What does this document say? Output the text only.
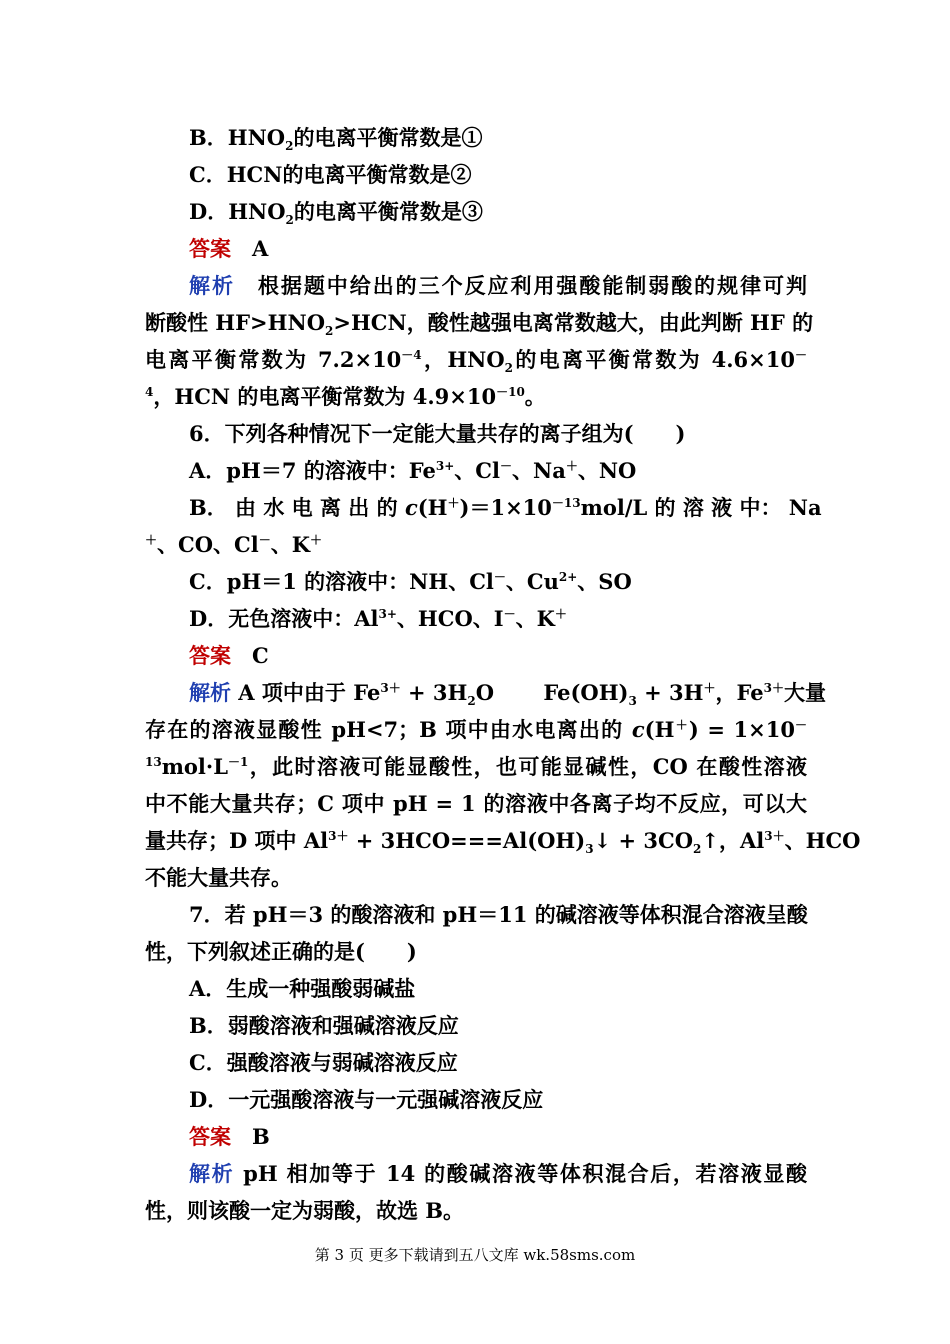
B．$HNO_2$的电离平衡常数是①
C．HCN的电离平衡常数是②
D．$HNO_2$的电离平衡常数是③
答案　 A
解析　 根据题中给出的三个反应利用强酸能制弱酸的规律可判
断酸性 $HF>HNO_2>HCN$，酸性越强电离常数越大，由此判断 HF 的
电离平衡常数为 $7.2\times 10^{-4}$，$HNO_2$的电离平衡常数为 4.6×10－
$^4$，HCN 的电离平衡常数为 $4.9\times 10^{-10}$。
6．下列各种情况下一定能大量共存的离子组为(　　)
A．pH＝7 的溶液中：$Fe^{3+}$、Cl－、Na＋、NO
B． 由 水 电 离 出 的 $c(H^+)=1\times 10^{-13}mol/L$ 的 溶 液 中： Na
＋、CO、Cl－、K＋
C．pH＝1 的溶液中：NH、Cl－、$Cu^{2+}$、SO
D．无色溶液中：$Al^{3+}$、HCO、I－、K＋
答案　 C
解析 A 项中由于 $Fe^{3+} + 3H_2O$　　 $Fe(OH)_3 + 3H^+$，$Fe^{3+}$大量
存在的溶液显酸性 pH<7；B 项中由水电离出的 c(H＋) = 1×10－
$^{13}mol\cdot L^{-1}$，此时溶液可能显酸性，也可能显碱性，CO 在酸性溶液
中不能大量共存；C 项中 pH = 1 的溶液中各离子均不反应，可以大
量共存；D 项中 $Al^{3+}$ + $3HCO===Al(OH)_3↓$ + $3CO_2↑$，$Al^{3+}$、HCO
不能大量共存。
7．若 pH＝3 的酸溶液和 pH＝11 的碱溶液等体积混合溶液呈酸
性，下列叙述正确的是(　　)
A．生成一种强酸弱碱盐
B．弱酸溶液和强碱溶液反应
C．强酸溶液与弱碱溶液反应
D．一元强酸溶液与一元强碱溶液反应
答案　 B
解析 pH 相加等于 14 的酸碱溶液等体积混合后，若溶液显酸
性，则该酸一定为弱酸，故选 B。
第 3 页 更多下载请到五八文库 wk.58sms.com
